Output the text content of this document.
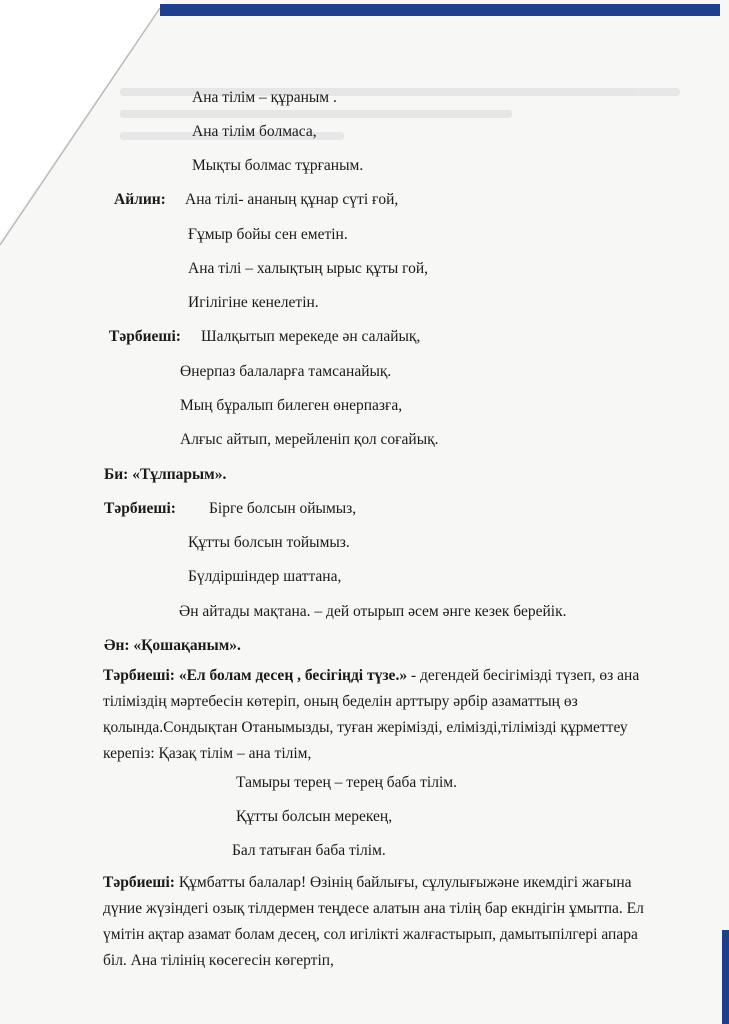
Ана тілім – құраным .
Ана тілім болмаса,
Мықты болмас тұрғаным.
Айлин: Ана тілі- ананың құнар сүті ғой,
Ғұмыр бойы сен еметін.
Ана тілі – халықтың ырыс құты гой,
Игілігіне кенелетін.
Тәрбиеші: Шалқытып мерекеде ән салайық,
Өнерпаз балаларға тамсанайық.
Мың бұралып билеген өнерпазға,
Алғыс айтып, мерейленіп қол соғайық.
Би: «Тұлпарым».
Тәрбиеші: Бірге болсын ойымыз,
Құтты болсын тойымыз.
Бүлдіршіндер шаттана,
Ән айтады мақтана. – дей отырып әсем әнге кезек берейік.
Ән: «Қошақаным».
Тәрбиеші: «Ел болам десең , бесігіңді түзе.» - дегендей бесігімізді түзеп, өз ана тіліміздің мәртебесін көтеріп, оның беделін арттыру әрбір азаматтың өз қолында.Сондықтан Отанымызды, туған жерімізді, елімізді,тілімізді құрметтеу керепіз: Қазақ тілім – ана тілім,
Тамыры терең – терең баба тілім.
Құтты болсын мерекең,
Бал татыған баба тілім.
Тәрбиеші: Құмбатты балалар! Өзінің байлығы, сұлулығыжәне икемдігі жағына дүние жүзіндегі озық тілдермен теңдесе алатын ана тілің бар екндігін ұмытпа. Ел үмітін ақтар азамат болам десең, сол игілікті жалғастырып, дамытыпілгері апара біл. Ана тілінің көсегесін көгертіп,
